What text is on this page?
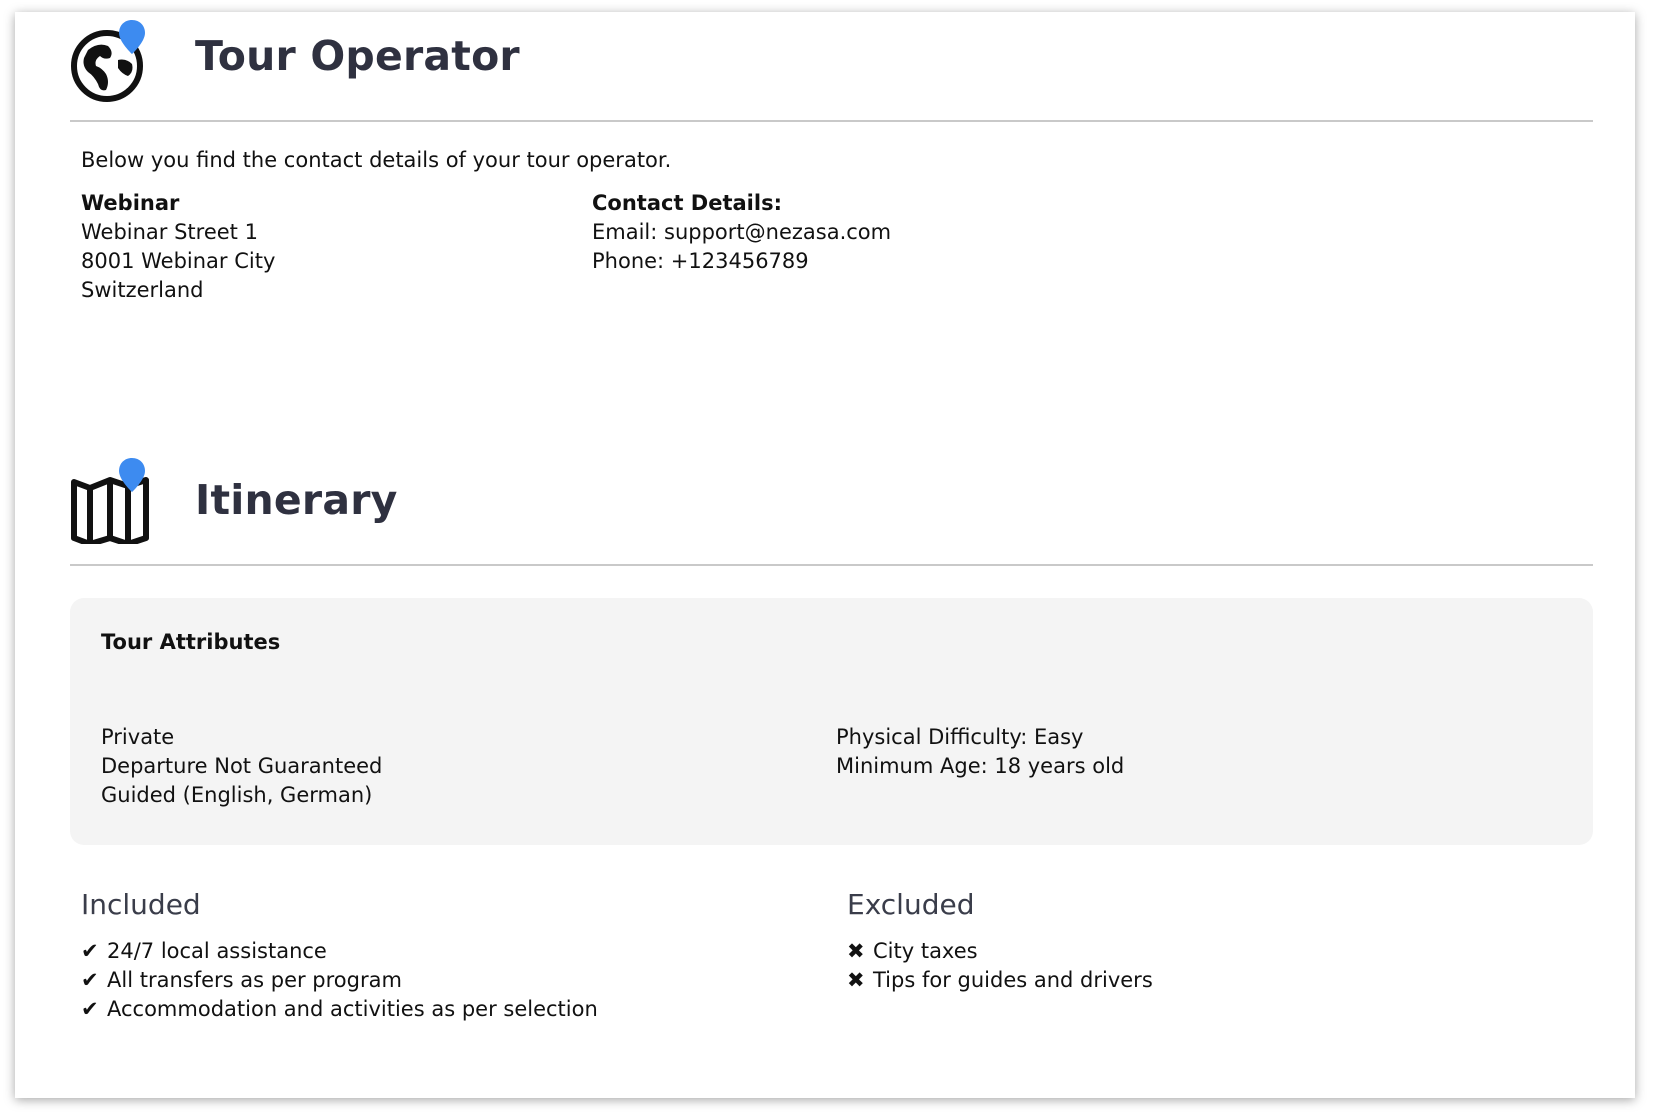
Tour Operator
Below you find the contact details of your tour operator.
Webinar
Webinar Street 1
8001 Webinar City
Switzerland
Contact Details:
Email: support@nezasa.com
Phone: +123456789
Itinerary
Tour Attributes
Private
Departure Not Guaranteed
Guided (English, German)
Physical Difficulty: Easy
Minimum Age: 18 years old
Included
✔ 24/7 local assistance
✔ All transfers as per program
✔ Accommodation and activities as per selection
Excluded
✖ City taxes
✖ Tips for guides and drivers
